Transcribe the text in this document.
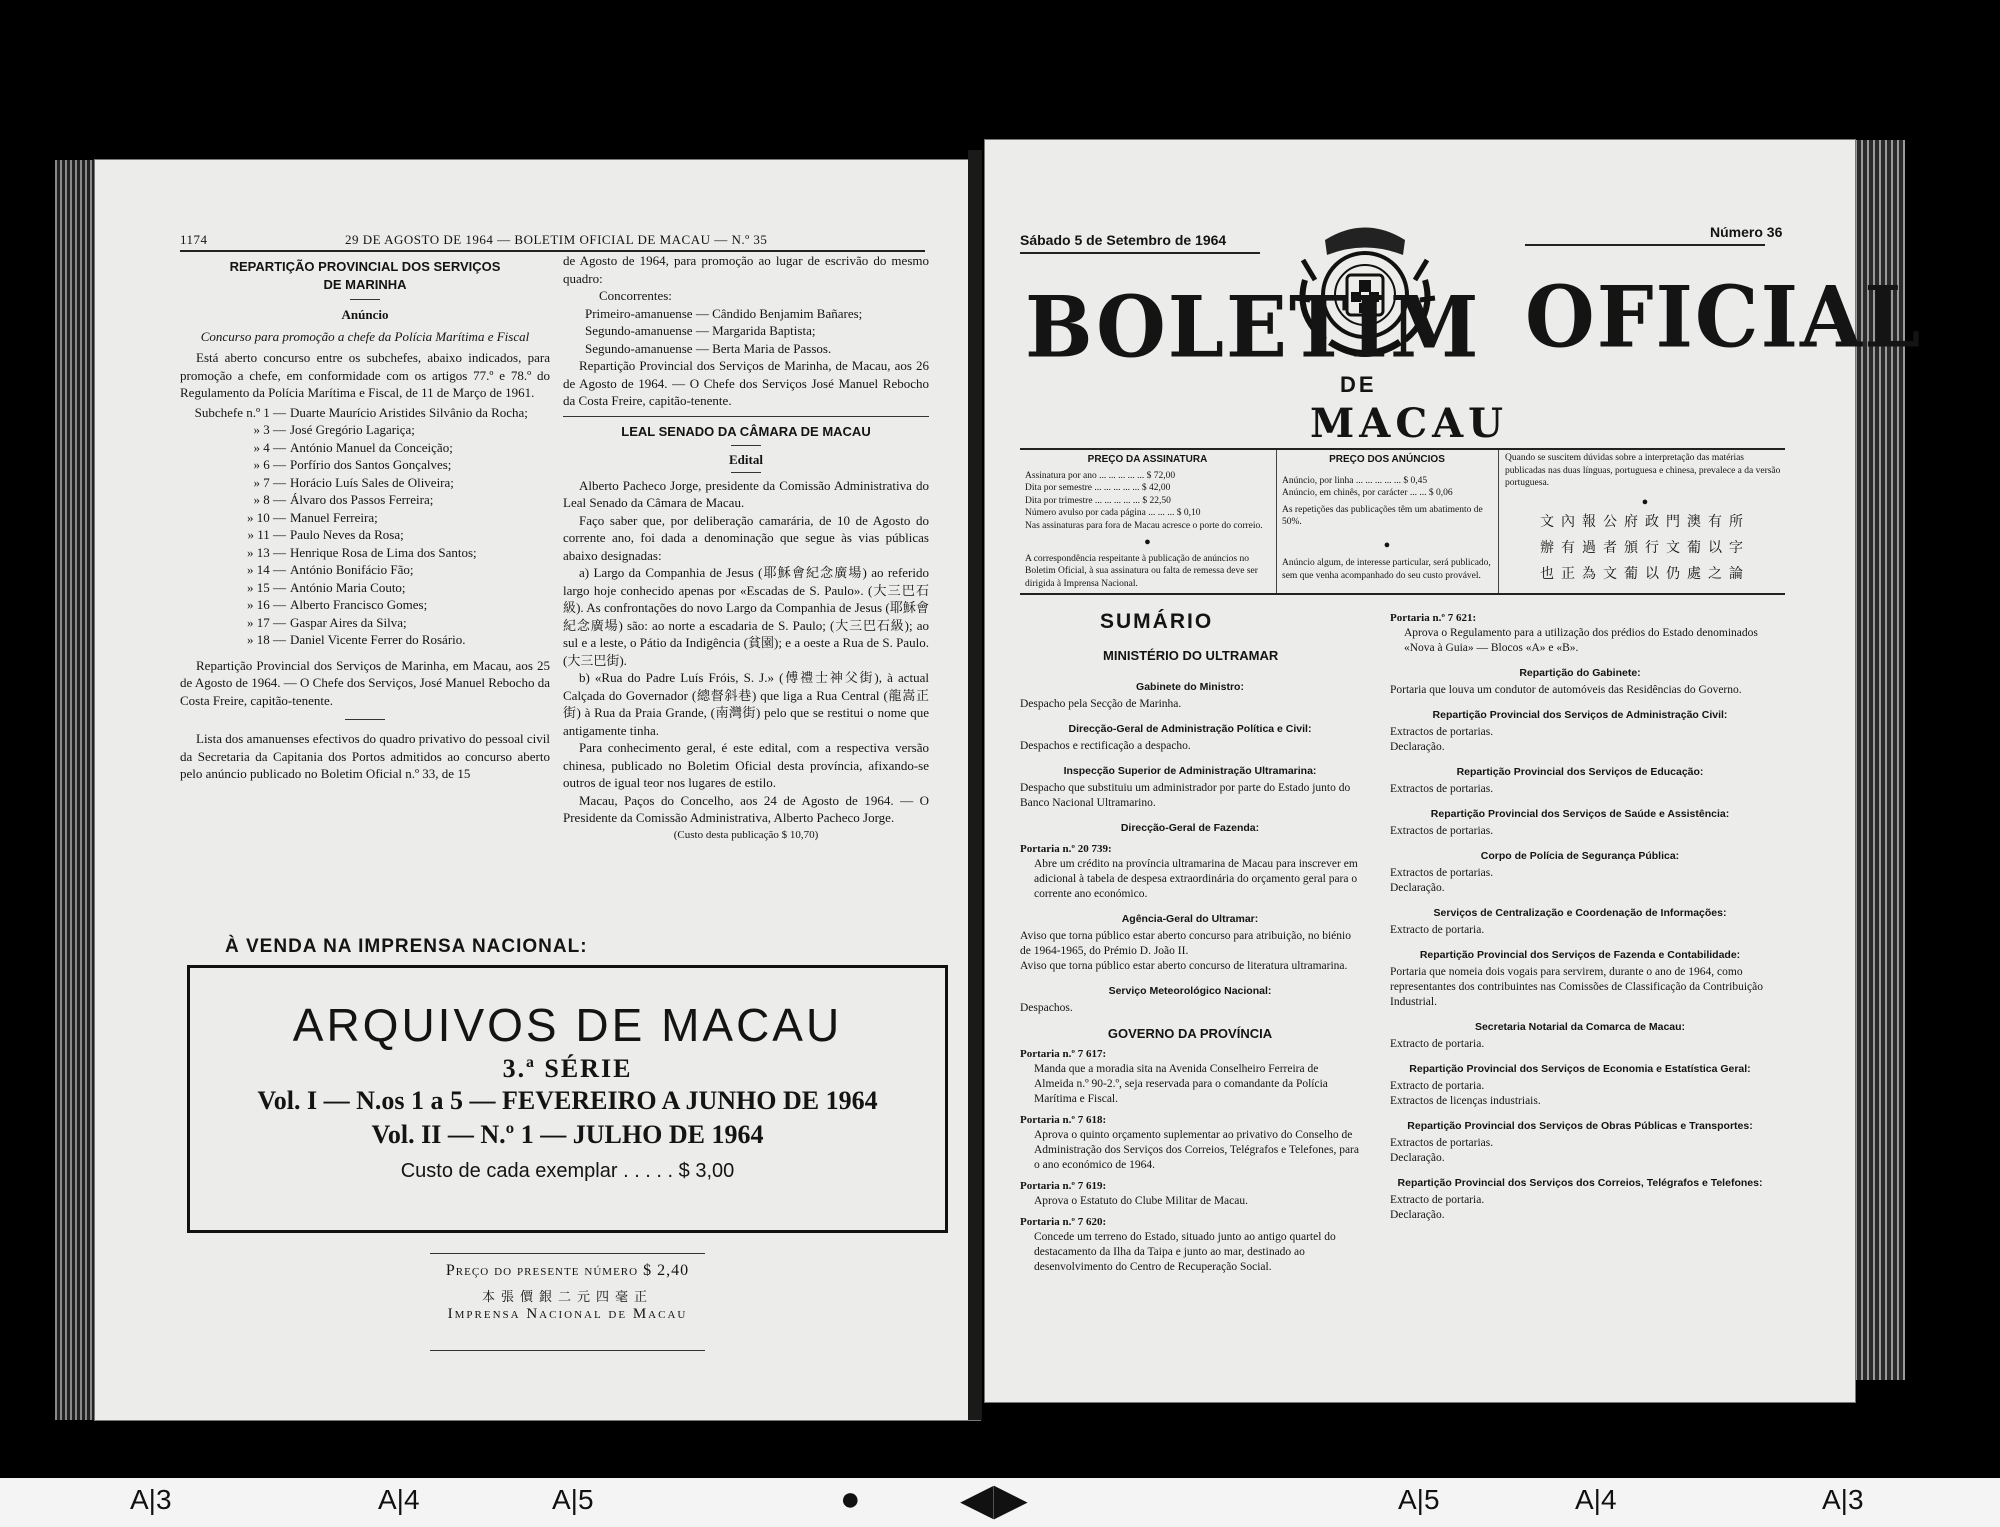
1174	29 DE AGOSTO DE 1964 — BOLETIM OFICIAL DE MACAU — N.º 35

REPARTIÇÃO PROVINCIAL DOS SERVIÇOS DE MARINHA

Anúncio

Concurso para promoção a chefe da Polícia Marítima e Fiscal

Está aberto concurso entre os subchefes, abaixo indicados, para promoção a chefe, em conformidade com os artigos 77.º e 78.º do Regulamento da Polícia Marítima e Fiscal, de 11 de Março de 1961.

Subchefe n.º 1 — Duarte Maurício Aristides Silvânio da Rocha;
» 3 — José Gregório Lagariça;
» 4 — António Manuel da Conceição;
» 6 — Porfírio dos Santos Gonçalves;
» 7 — Horácio Luís Sales de Oliveira;
» 8 — Álvaro dos Passos Ferreira;
» 10 — Manuel Ferreira;
» 11 — Paulo Neves da Rosa;
» 13 — Henrique Rosa de Lima dos Santos;
» 14 — António Bonifácio Fão;
» 15 — António Maria Couto;
» 16 — Alberto Francisco Gomes;
» 17 — Gaspar Aires da Silva;
» 18 — Daniel Vicente Ferrer do Rosário.

Repartição Provincial dos Serviços de Marinha, em Macau, aos 25 de Agosto de 1964. — O Chefe dos Serviços, José Manuel Rebocho da Costa Freire, capitão-tenente.

Lista dos amanuenses efectivos do quadro privativo do pessoal civil da Secretaria da Capitania dos Portos admitidos ao concurso aberto pelo anúncio publicado no Boletim Oficial n.º 33, de 15

de Agosto de 1964, para promoção ao lugar de escrivão do mesmo quadro:

Concorrentes:

Primeiro-amanuense — Cândido Benjamim Bañares;
Segundo-amanuense — Margarida Baptista;
Segundo-amanuense — Berta Maria de Passos.

Repartição Provincial dos Serviços de Marinha, de Macau, aos 26 de Agosto de 1964. — O Chefe dos Serviços José Manuel Rebocho da Costa Freire, capitão-tenente.

LEAL SENADO DA CÂMARA DE MACAU

Edital

Alberto Pacheco Jorge, presidente da Comissão Administrativa do Leal Senado da Câmara de Macau.

Faço saber que, por deliberação camarária, de 10 de Agosto do corrente ano, foi dada a denominação que segue às vias públicas abaixo designadas:

a) Largo da Companhia de Jesus (耶穌會紀念廣場) ao referido largo hoje conhecido apenas por «Escadas de S. Paulo». (大三巴石級). As confrontações do novo Largo da Companhia de Jesus (耶穌會紀念廣場) são: ao norte a escadaria de S. Paulo; (大三巴石級); ao sul e a leste, o Pátio da Indigência (貧園); e a oeste a Rua de S. Paulo. (大三巴街).

b) «Rua do Padre Luís Fróis, S. J.» (傅禮士神父街), à actual Calçada do Governador (總督斜巷) que liga a Rua Central (龍嵩正街) à Rua da Praia Grande, (南灣街) pelo que se restitui o nome que antigamente tinha.

Para conhecimento geral, é este edital, com a respectiva versão chinesa, publicado no Boletim Oficial desta província, afixando-se outros de igual teor nos lugares de estilo.

Macau, Paços do Concelho, aos 24 de Agosto de 1964. — O Presidente da Comissão Administrativa, Alberto Pacheco Jorge.

(Custo desta publicação $ 10,70)

À VENDA NA IMPRENSA NACIONAL:
ARQUIVOS DE MACAU
3.ª SÉRIE
Vol. I — N.os 1 a 5 — FEVEREIRO A JUNHO DE 1964
Vol. II — N.º 1 — JULHO DE 1964
Custo de cada exemplar . . . . . $ 3,00
Preço do presente número $ 2,40
本張價銀二元四毫正
Imprensa Nacional de Macau
Sábado 5 de Setembro de 1964	Número 36
BOLETIM OFICIAL
DE
MACAU

PREÇO DA ASSINATURA

Assinatura por ano ... ... ... ... ... $ 72,00

Dita por semestre ... ... ... ... ... $ 42,00

Dita por trimestre ... ... ... ... ... $ 22,50

Número avulso por cada página ... ... ... $ 0,10

Nas assinaturas para fora de Macau acresce o porte do correio.

●

A correspondência respeitante à publicação de anúncios no Boletim Oficial, à sua assinatura ou falta de remessa deve ser dirigida à Imprensa Nacional.

PREÇO DOS ANÚNCIOS

Anúncio, por linha ... ... ... ... ... $ 0,45

Anúncio, em chinês, por carácter ... ... $ 0,06

As repetições das publicações têm um abatimento de 50%.

●

Anúncio algum, de interesse particular, será publicado, sem que venha acompanhado do seu custo provável.

Quando se suscitem dúvidas sobre a interpretação das matérias publicadas nas duas línguas, portuguesa e chinesa, prevalece a da versão portuguesa.

●
文內報公府政門澳有所
辦有過者頒行文葡以字
也正為文葡以仍處之論
SUMÁRIO
MINISTÉRIO DO ULTRAMAR

Gabinete do Ministro:

Despacho pela Secção de Marinha.

Direcção-Geral de Administração Política e Civil:

Despachos e rectificação a despacho.

Inspecção Superior de Administração Ultramarina:

Despacho que substituiu um administrador por parte do Estado junto do Banco Nacional Ultramarino.

Direcção-Geral de Fazenda:

Portaria n.º 20 739:

Abre um crédito na província ultramarina de Macau para inscrever em adicional à tabela de despesa extraordinária do orçamento geral para o corrente ano económico.

Agência-Geral do Ultramar:

Aviso que torna público estar aberto concurso para atribuição, no biénio de 1964-1965, do Prémio D. João II.

Aviso que torna público estar aberto concurso de literatura ultramarina.

Serviço Meteorológico Nacional:

Despachos.

GOVERNO DA PROVÍNCIA

Portaria n.º 7 617:

Manda que a moradia sita na Avenida Conselheiro Ferreira de Almeida n.º 90-2.º, seja reservada para o comandante da Polícia Marítima e Fiscal.

Portaria n.º 7 618:

Aprova o quinto orçamento suplementar ao privativo do Conselho de Administração dos Serviços dos Correios, Telégrafos e Telefones, para o ano económico de 1964.

Portaria n.º 7 619:

Aprova o Estatuto do Clube Militar de Macau.

Portaria n.º 7 620:

Concede um terreno do Estado, situado junto ao antigo quartel do destacamento da Ilha da Taipa e junto ao mar, destinado ao desenvolvimento do Centro de Recuperação Social.

Portaria n.º 7 621:

Aprova o Regulamento para a utilização dos prédios do Estado denominados «Nova à Guia» — Blocos «A» e «B».

Repartição do Gabinete:

Portaria que louva um condutor de automóveis das Residências do Governo.

Repartição Provincial dos Serviços de Administração Civil:

Extractos de portarias.

Declaração.

Repartição Provincial dos Serviços de Educação:

Extractos de portarias.

Repartição Provincial dos Serviços de Saúde e Assistência:

Extractos de portarias.

Corpo de Polícia de Segurança Pública:

Extractos de portarias.

Declaração.

Serviços de Centralização e Coordenação de Informações:

Extracto de portaria.

Repartição Provincial dos Serviços de Fazenda e Contabilidade:

Portaria que nomeia dois vogais para servirem, durante o ano de 1964, como representantes dos contribuintes nas Comissões de Classificação da Contribuição Industrial.

Secretaria Notarial da Comarca de Macau:

Extracto de portaria.

Repartição Provincial dos Serviços de Economia e Estatística Geral:

Extracto de portaria.

Extractos de licenças industriais.

Repartição Provincial dos Serviços de Obras Públicas e Transportes:

Extractos de portarias.

Declaração.

Repartição Provincial dos Serviços dos Correios, Telégrafos e Telefones:

Extracto de portaria.

Declaração.

A|3	A|4	A|5	● ◀▶	A|5	A|4	A|3
